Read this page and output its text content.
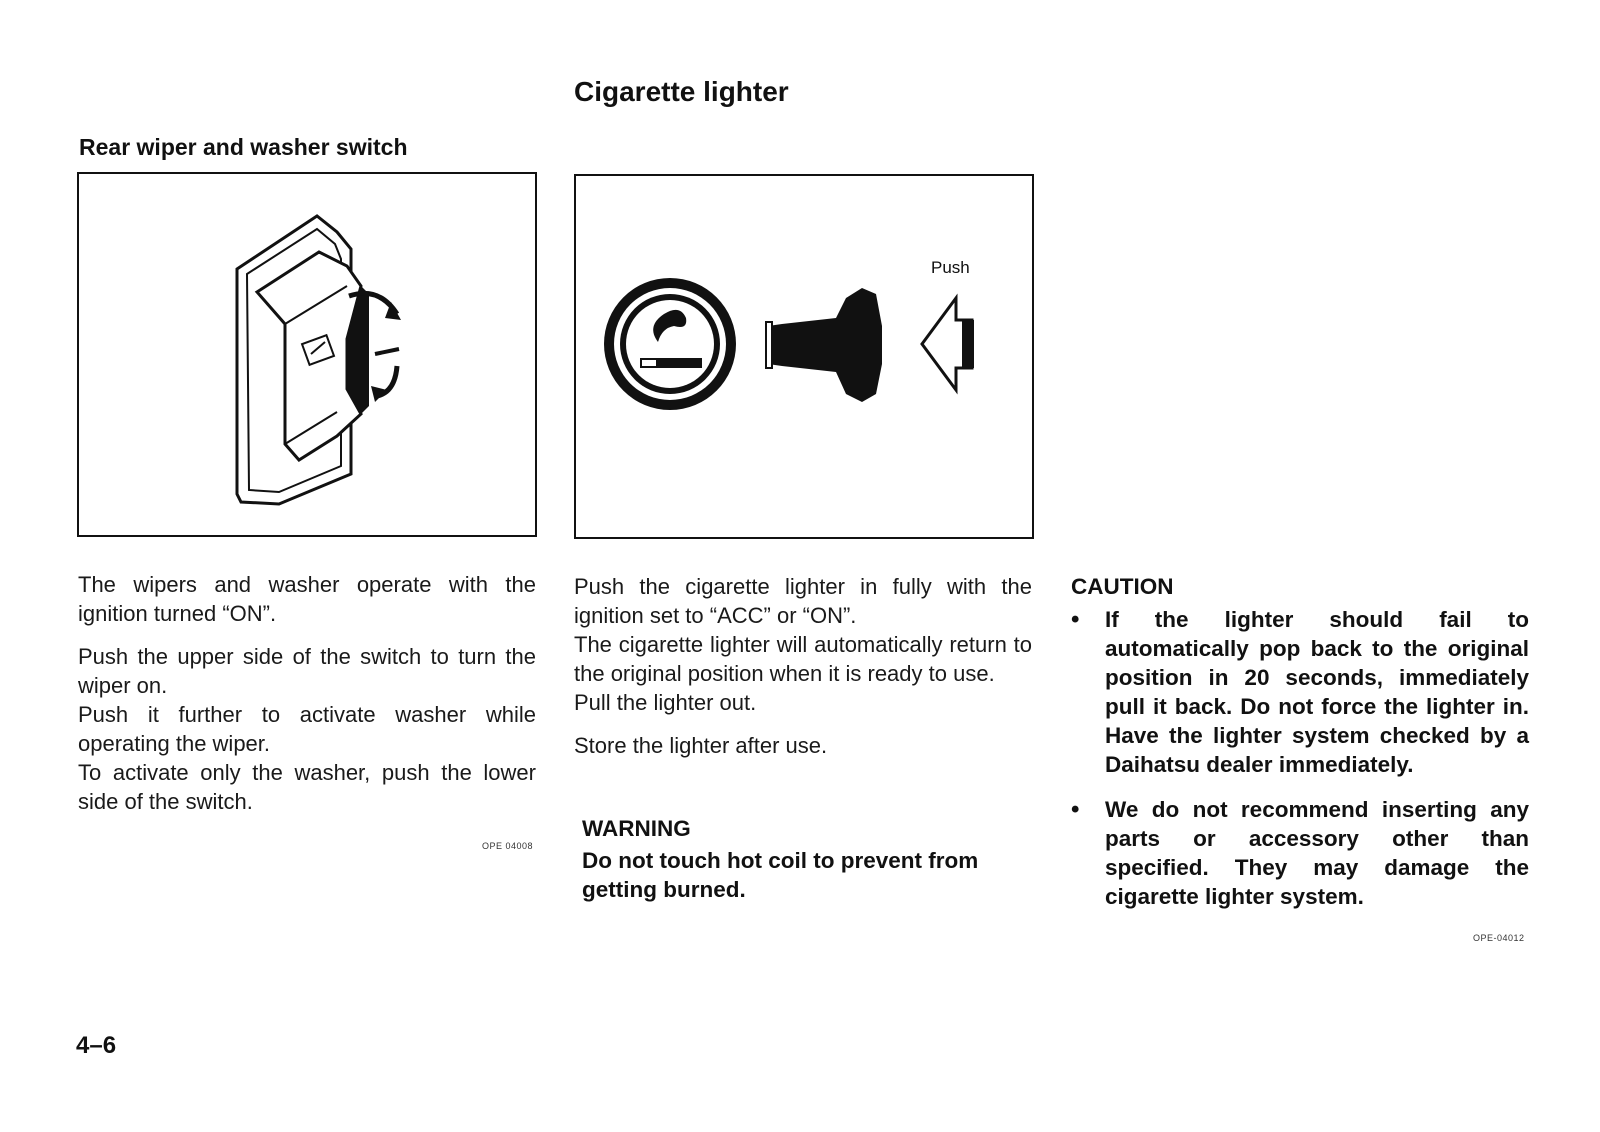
Cigarette lighter
Rear wiper and washer switch
Push

The wipers and washer operate with the ignition turned “ON”.

Push the upper side of the switch to turn the wiper on.

Push it further to activate washer while operating the wiper.

To activate only the washer, push the lower side of the switch.

OPE 04008

Push the cigarette lighter in fully with the ignition set to “ACC” or “ON”.

The cigarette lighter will automatically return to the original position when it is ready to use.

Pull the lighter out.

Store the lighter after use.

WARNING
Do not touch hot coil to prevent from getting burned.
CAUTION
• If the lighter should fail to automatically pop back to the original position in 20 seconds, immediately pull it back. Do not force the lighter in. Have the lighter system checked by a Daihatsu dealer immediately.
• We do not recommend inserting any parts or accessory other than specified. They may damage the cigarette lighter system.
OPE-04012
4–6
